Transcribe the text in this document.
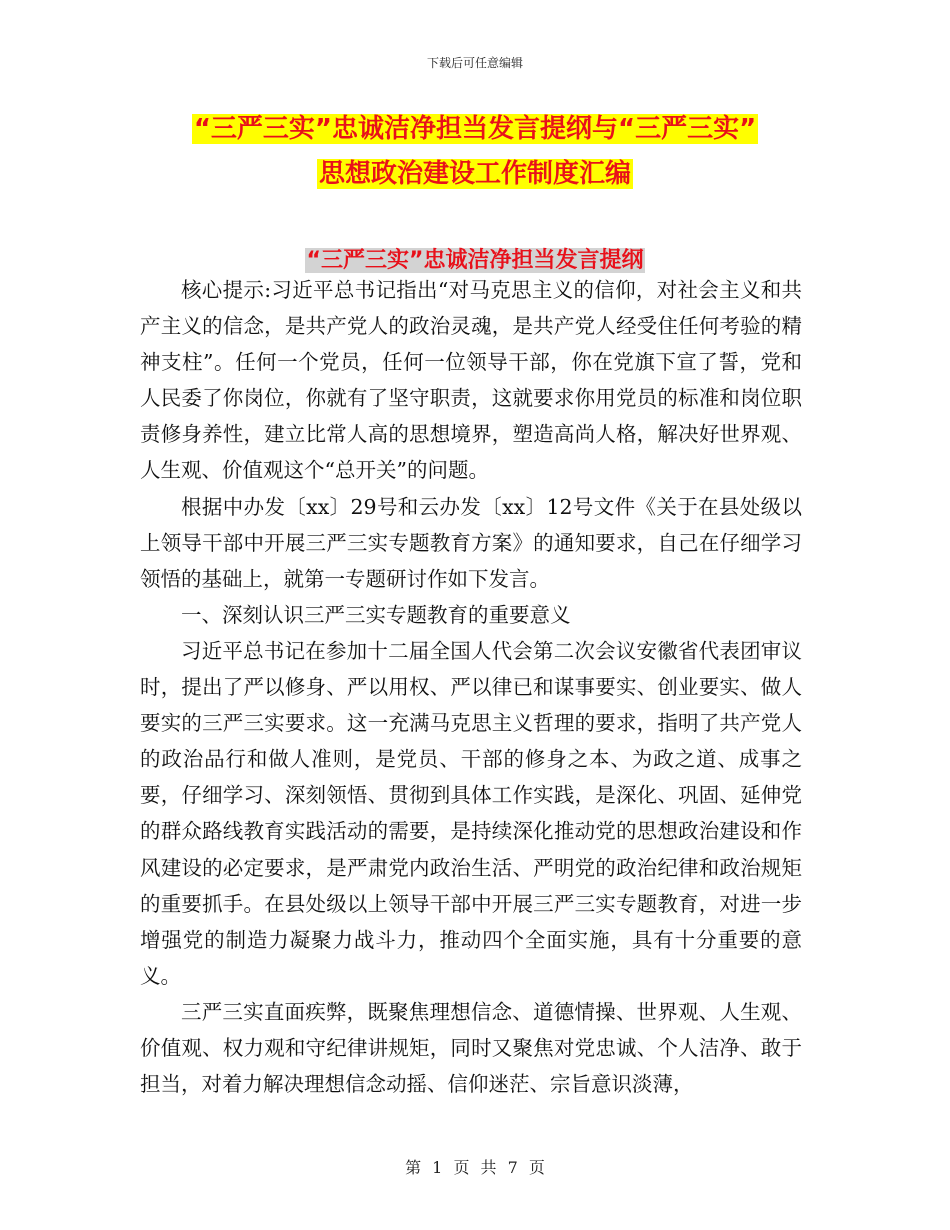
下载后可任意编辑
“三严三实”忠诚洁净担当发言提纲与“三严三实”
思想政治建设工作制度汇编
“三严三实”忠诚洁净担当发言提纲

核心提示:习近平总书记指出“对马克思主义的信仰，对社会主义和共产主义的信念，是共产党人的政治灵魂，是共产党人经受住任何考验的精神支柱”。任何一个党员，任何一位领导干部，你在党旗下宣了誓，党和人民委了你岗位，你就有了坚守职责，这就要求你用党员的标准和岗位职责修身养性，建立比常人高的思想境界，塑造高尚人格，解决好世界观、人生观、价值观这个“总开关”的问题。

根据中办发〔xx〕29号和云办发〔xx〕12号文件《关于在县处级以上领导干部中开展三严三实专题教育方案》的通知要求，自己在仔细学习领悟的基础上，就第一专题研讨作如下发言。

一、深刻认识三严三实专题教育的重要意义

习近平总书记在参加十二届全国人代会第二次会议安徽省代表团审议时，提出了严以修身、严以用权、严以律已和谋事要实、创业要实、做人要实的三严三实要求。这一充满马克思主义哲理的要求，指明了共产党人的政治品行和做人准则，是党员、干部的修身之本、为政之道、成事之要，仔细学习、深刻领悟、贯彻到具体工作实践，是深化、巩固、延伸党的群众路线教育实践活动的需要，是持续深化推动党的思想政治建设和作风建设的必定要求，是严肃党内政治生活、严明党的政治纪律和政治规矩的重要抓手。在县处级以上领导干部中开展三严三实专题教育，对进一步增强党的制造力凝聚力战斗力，推动四个全面实施，具有十分重要的意义。

三严三实直面疾弊，既聚焦理想信念、道德情操、世界观、人生观、价值观、权力观和守纪律讲规矩，同时又聚焦对党忠诚、个人洁净、敢于担当，对着力解决理想信念动摇、信仰迷茫、宗旨意识淡薄，

第 1 页 共 7 页
